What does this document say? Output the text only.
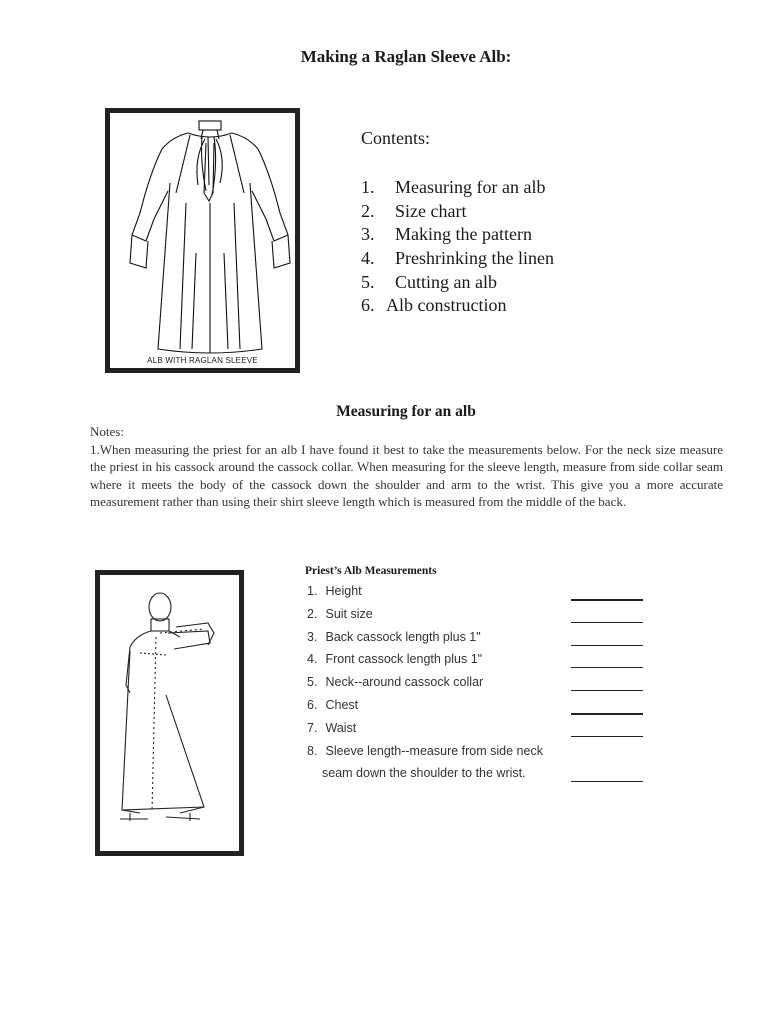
Making a Raglan Sleeve Alb:
ALB WITH RAGLAN SLEEVE
Contents:
1. Measuring for an alb
2. Size chart
3. Making the pattern
4. Preshrinking the linen
5. Cutting an alb
6. Alb construction
Measuring for an alb

Notes:

1.When measuring the priest for an alb I have found it best to take the measurements below. For the neck size measure the priest in his cassock around the cassock collar. When measuring for the sleeve length, measure from side collar seam where it meets the body of the cassock down the shoulder and arm to the wrist. This give you a more accurate measurement rather than using their shirt sleeve length which is measured from the middle of the back.

Priest’s Alb Measurements
1. Height
2. Suit size
3. Back cassock length plus 1"
4. Front cassock length plus 1"
5. Neck--around cassock collar
6. Chest
7. Waist
8. Sleeve length--measure from side neck
seam down the shoulder to the wrist.
